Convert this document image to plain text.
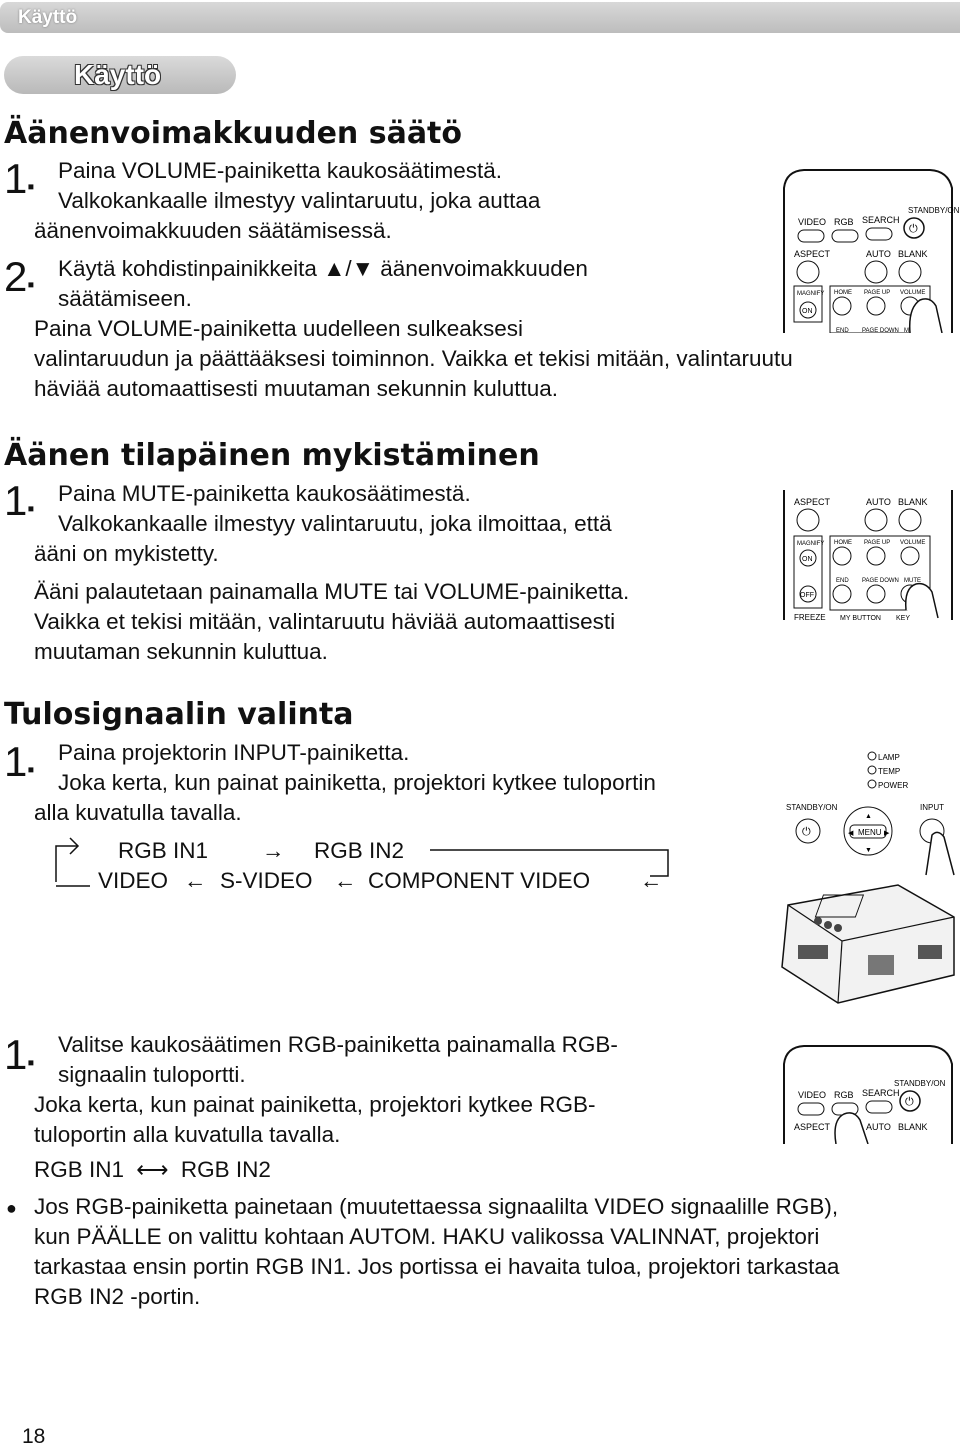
Käyttö
Käyttö
Äänenvoimakkuuden säätö
1▪
Paina VOLUME-painiketta kaukosäätimestä.
Valkokankaalle ilmestyy valintaruutu, joka auttaa
äänenvoimakkuuden säätämisessä.
2▪
Käytä kohdistinpainikkeita ▲/▼ äänenvoimakkuuden
säätämiseen.
Paina VOLUME-painiketta uudelleen sulkeaksesi
valintaruudun ja päättääksesi toiminnon. Vaikka et tekisi mitään, valintaruutu
häviää automaattisesti muutaman sekunnin kuluttua.
STANDBY/ON
VIDEO RGB SEARCH
⏻
ASPECT	AUTO BLANK
MAGNIFY
ON
HOME PAGE UP VOLUME
END PAGE DOWN M
Äänen tilapäinen mykistäminen
1▪
Paina MUTE-painiketta kaukosäätimestä.
Valkokankaalle ilmestyy valintaruutu, joka ilmoittaa, että
ääni on mykistetty.
Ääni palautetaan painamalla MUTE tai VOLUME-painiketta.
Vaikka et tekisi mitään, valintaruutu häviää automaattisesti
muutaman sekunnin kuluttua.
ASPECT	AUTO BLANK
MAGNIFY
ON
OFF
HOME PAGE UP VOLUME
END PAGE DOWN MUTE
FREEZE MY BUTTON KEY
Tulosignaalin valinta
1▪
Paina projektorin INPUT-painiketta.
Joka kerta, kun painat painiketta, projektori kytkee tuloportin
alla kuvatulla tavalla.
RGB IN1 → RGB IN2
VIDEO ← S-VIDEO ← COMPONENT VIDEO ←
LAMP
TEMP
POWER
STANDBY/ON	INPUT
⏻	MENU
▲
▼
◀	▶
1▪
Valitse kaukosäätimen RGB-painiketta painamalla RGB-
signaalin tuloportti.
Joka kerta, kun painat painiketta, projektori kytkee RGB-
tuloportin alla kuvatulla tavalla.
RGB IN1 ⟷ RGB IN2
● Jos RGB-painiketta painetaan (muutettaessa signaalilta VIDEO signaalille RGB),
kun PÄÄLLE on valittu kohtaan AUTOM. HAKU valikossa VALINNAT, projektori
tarkastaa ensin portin RGB IN1. Jos portissa ei havaita tuloa, projektori tarkastaa
RGB IN2 -portin.
STANDBY/ON
VIDEO RGB SEARCH
⏻
ASPECT	AUTO BLANK
18
